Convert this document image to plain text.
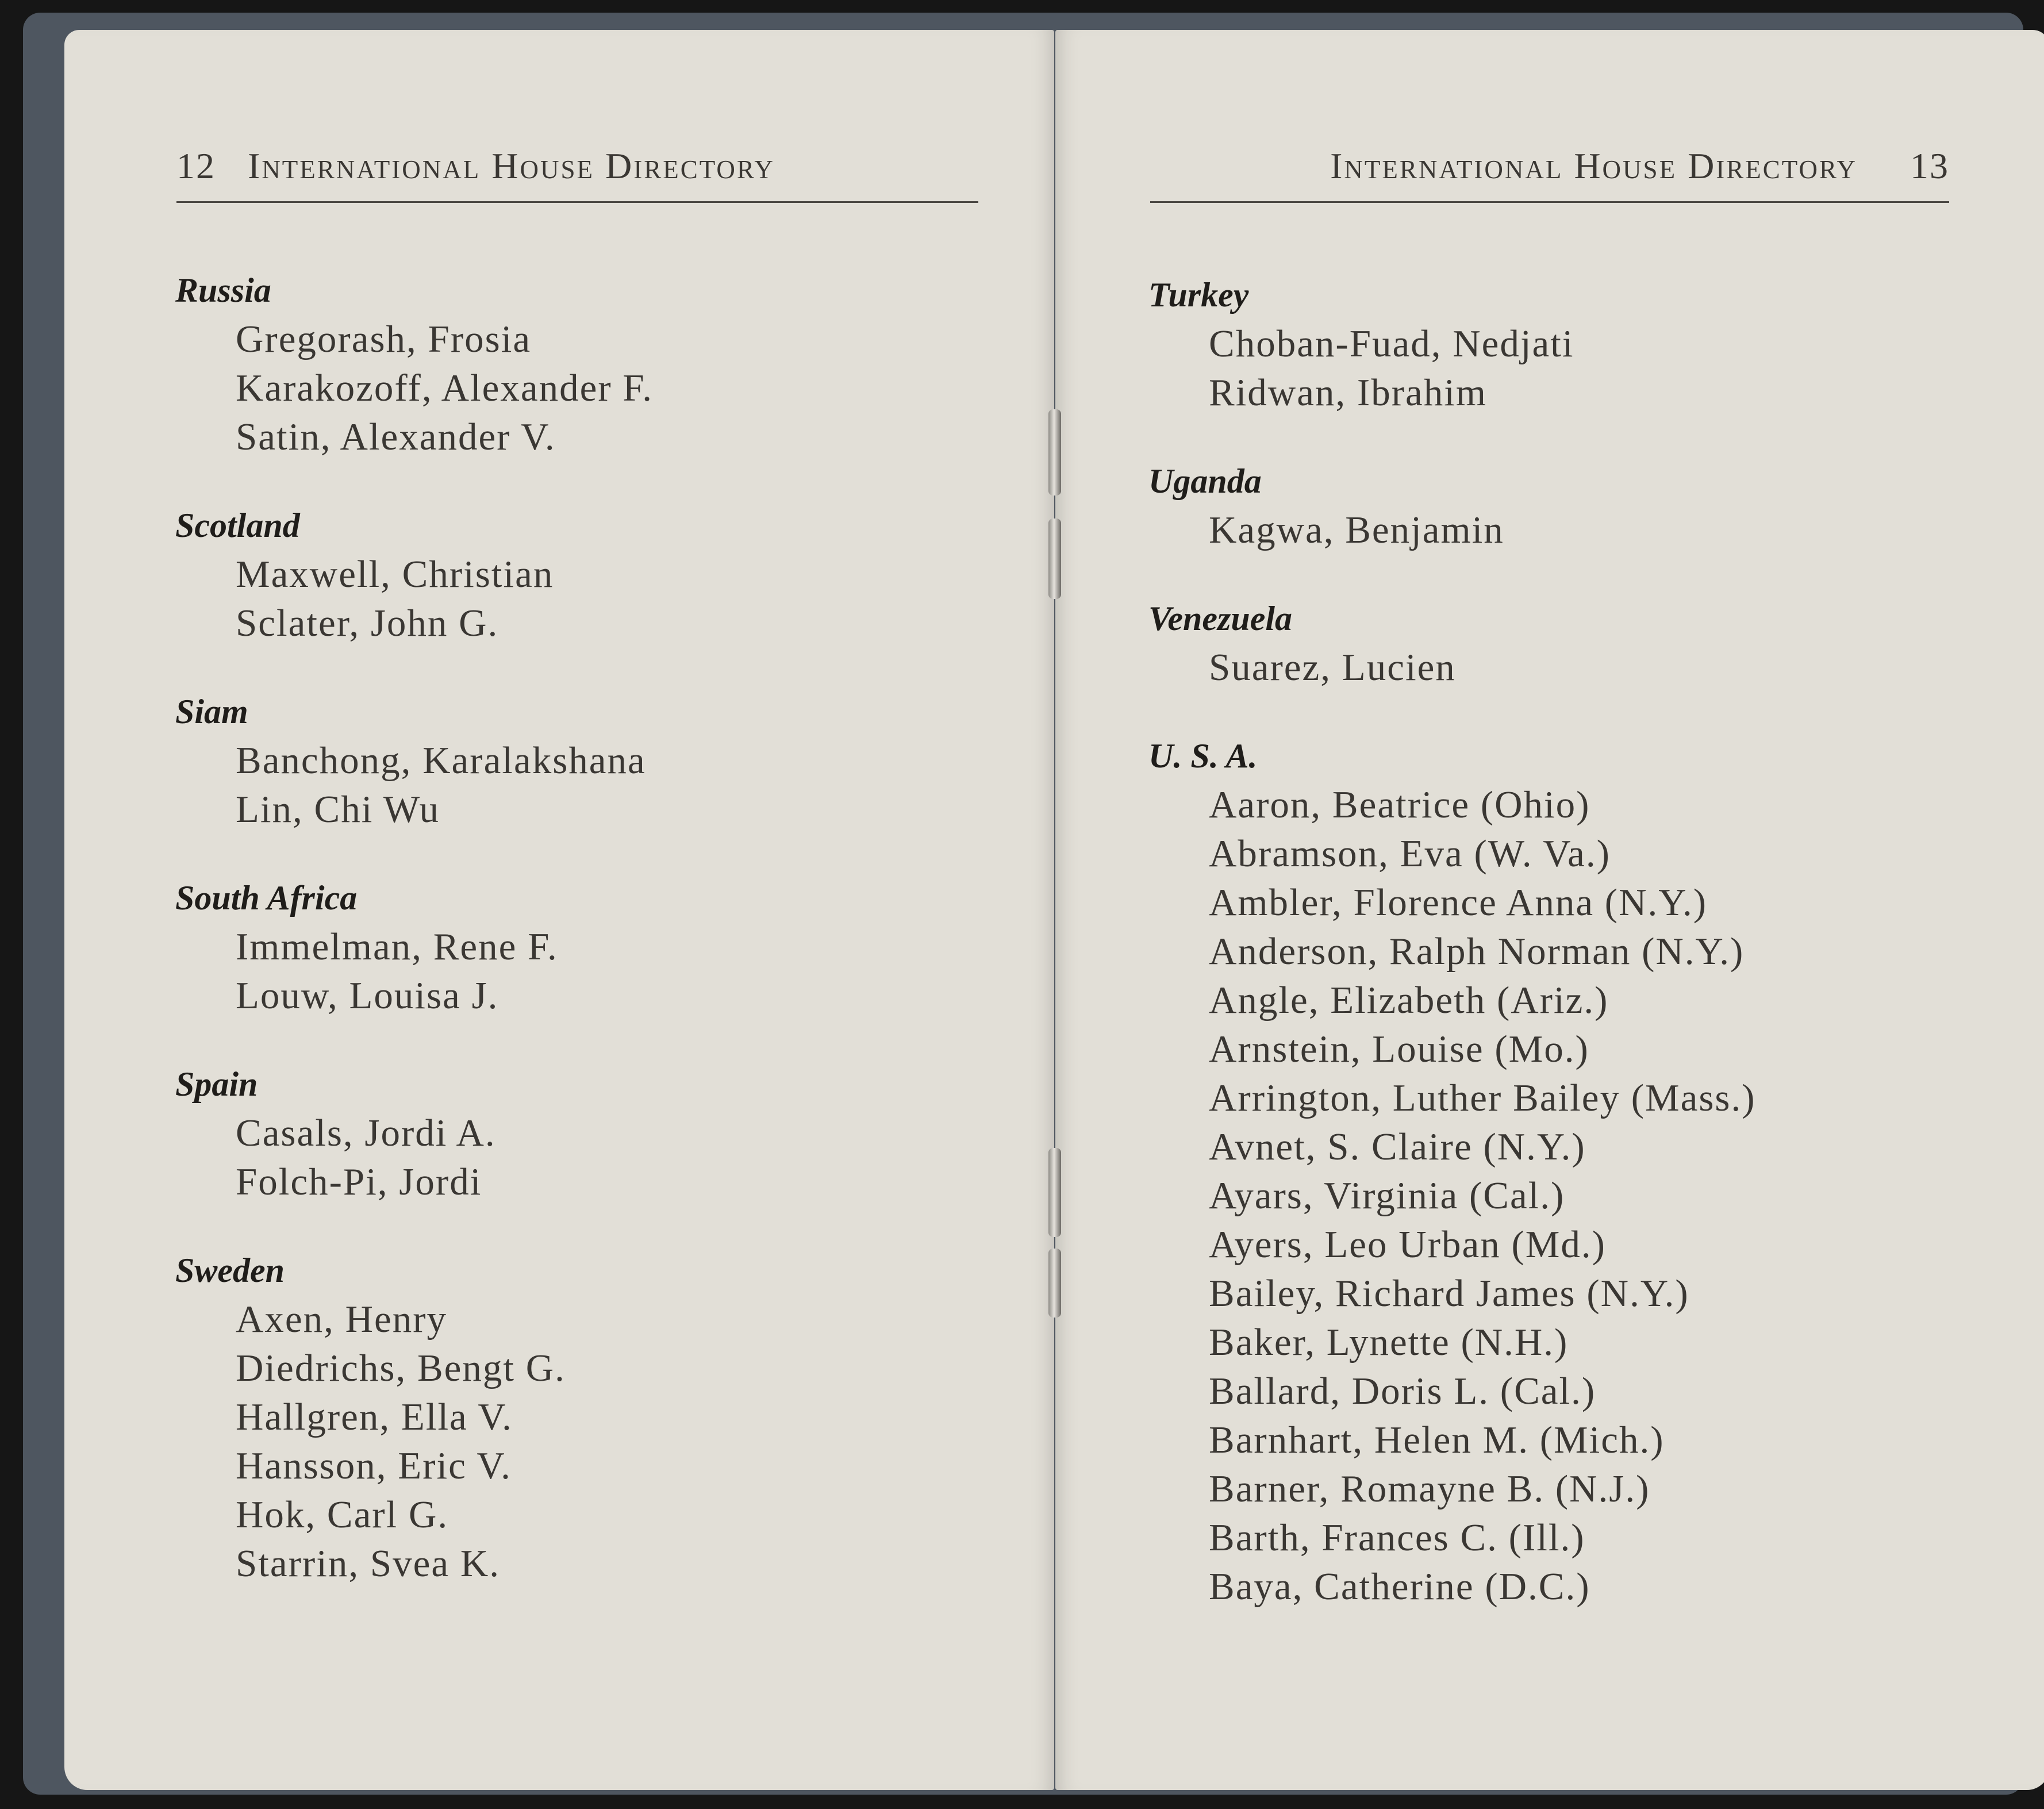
12 International House Directory
Russia
Gregorash, Frosia
Karakozoff, Alexander F.
Satin, Alexander V.
Scotland
Maxwell, Christian
Sclater, John G.
Siam
Banchong, Karalakshana
Lin, Chi Wu
South Africa
Immelman, Rene F.
Louw, Louisa J.
Spain
Casals, Jordi A.
Folch-Pi, Jordi
Sweden
Axen, Henry
Diedrichs, Bengt G.
Hallgren, Ella V.
Hansson, Eric V.
Hok, Carl G.
Starrin, Svea K.
International House Directory 13
Turkey
Choban-Fuad, Nedjati
Ridwan, Ibrahim
Uganda
Kagwa, Benjamin
Venezuela
Suarez, Lucien
U. S. A.
Aaron, Beatrice (Ohio)
Abramson, Eva (W. Va.)
Ambler, Florence Anna (N.Y.)
Anderson, Ralph Norman (N.Y.)
Angle, Elizabeth (Ariz.)
Arnstein, Louise (Mo.)
Arrington, Luther Bailey (Mass.)
Avnet, S. Claire (N.Y.)
Ayars, Virginia (Cal.)
Ayers, Leo Urban (Md.)
Bailey, Richard James (N.Y.)
Baker, Lynette (N.H.)
Ballard, Doris L. (Cal.)
Barnhart, Helen M. (Mich.)
Barner, Romayne B. (N.J.)
Barth, Frances C. (Ill.)
Baya, Catherine (D.C.)
